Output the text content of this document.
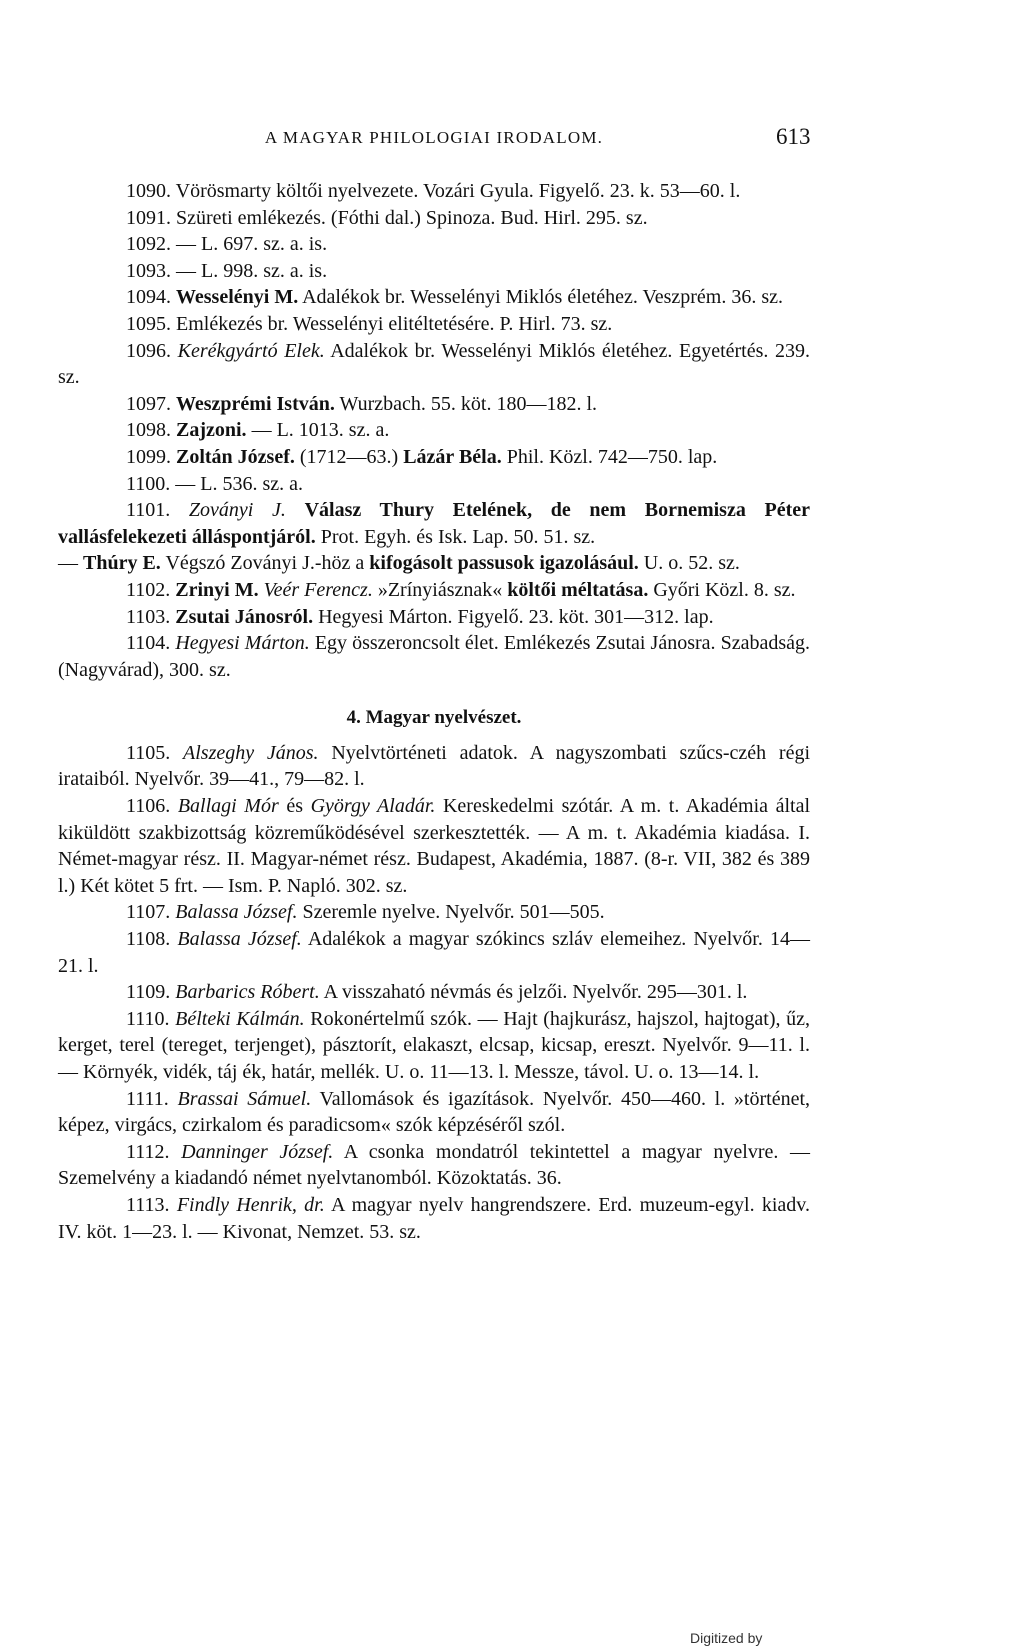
A MAGYAR PHILOLOGIAI IRODALOM.	613
1090. Vörösmarty költői nyelvezete. Vozári Gyula. Figyelő. 23. k. 53—60. l.
1091. Szüreti emlékezés. (Fóthi dal.) Spinoza. Bud. Hirl. 295. sz.
1092. — L. 697. sz. a. is.
1093. — L. 998. sz. a. is.
1094. Wesselényi M. Adalékok br. Wesselényi Miklós életéhez. Veszprém. 36. sz.
1095. Emlékezés br. Wesselényi elitéltetésére. P. Hirl. 73. sz.
1096. Kerékgyártó Elek. Adalékok br. Wesselényi Miklós életéhez. Egyetértés. 239. sz.
1097. Weszprémi István. Wurzbach. 55. köt. 180—182. l.
1098. Zajzoni. — L. 1013. sz. a.
1099. Zoltán József. (1712—63.) Lázár Béla. Phil. Közl. 742—750. lap.
1100. — L. 536. sz. a.
1101. Zoványi J. Válasz Thury Etelének, de nem Bornemisza Péter vallásfelekezeti álláspontjáról. Prot. Egyh. és Isk. Lap. 50. 51. sz.
— Thúry E. Végszó Zoványi J.-höz a kifogásolt passusok igazolásául. U. o. 52. sz.
1102. Zrinyi M. Veér Ferencz. »Zrínyiásznak« költői méltatása. Győri Közl. 8. sz.
1103. Zsutai Jánosról. Hegyesi Márton. Figyelő. 23. köt. 301—312. lap.
1104. Hegyesi Márton. Egy összeroncsolt élet. Emlékezés Zsutai Jánosra. Szabadság. (Nagyvárad), 300. sz.
4. Magyar nyelvészet.
1105. Alszeghy János. Nyelvtörténeti adatok. A nagyszombati szűcs-czéh régi irataiból. Nyelvőr. 39—41., 79—82. l.
1106. Ballagi Mór és György Aladár. Kereskedelmi szótár. A m. t. Akadémia által kiküldött szakbizottság közreműködésével szerkesztették. — A m. t. Akadémia kiadása. I. Német-magyar rész. II. Magyar-német rész. Budapest, Akadémia, 1887. (8-r. VII, 382 és 389 l.) Két kötet 5 frt. — Ism. P. Napló. 302. sz.
1107. Balassa József. Szeremle nyelve. Nyelvőr. 501—505.
1108. Balassa József. Adalékok a magyar szókincs szláv elemeihez. Nyelvőr. 14—21. l.
1109. Barbarics Róbert. A visszaható névmás és jelzői. Nyelvőr. 295—301. l.
1110. Bélteki Kálmán. Rokonértelmű szók. — Hajt (hajkurász, hajszol, hajtogat), űz, kerget, terel (tereget, terjenget), pásztorít, elakaszt, elcsap, kicsap, ereszt. Nyelvőr. 9—11. l. — Környék, vidék, táj ék, határ, mellék. U. o. 11—13. l. Messze, távol. U. o. 13—14. l.
1111. Brassai Sámuel. Vallomások és igazítások. Nyelvőr. 450—460. l. »történet, képez, virgács, czirkalom és paradicsom« szók képzéséről szól.
1112. Danninger József. A csonka mondatról tekintettel a magyar nyelvre. — Szemelvény a kiadandó német nyelvtanomból. Közoktatás. 36.
1113. Findly Henrik, dr. A magyar nyelv hangrendszere. Erd. muzeum-egyl. kiadv. IV. köt. 1—23. l. — Kivonat, Nemzet. 53. sz.
Digitized by
